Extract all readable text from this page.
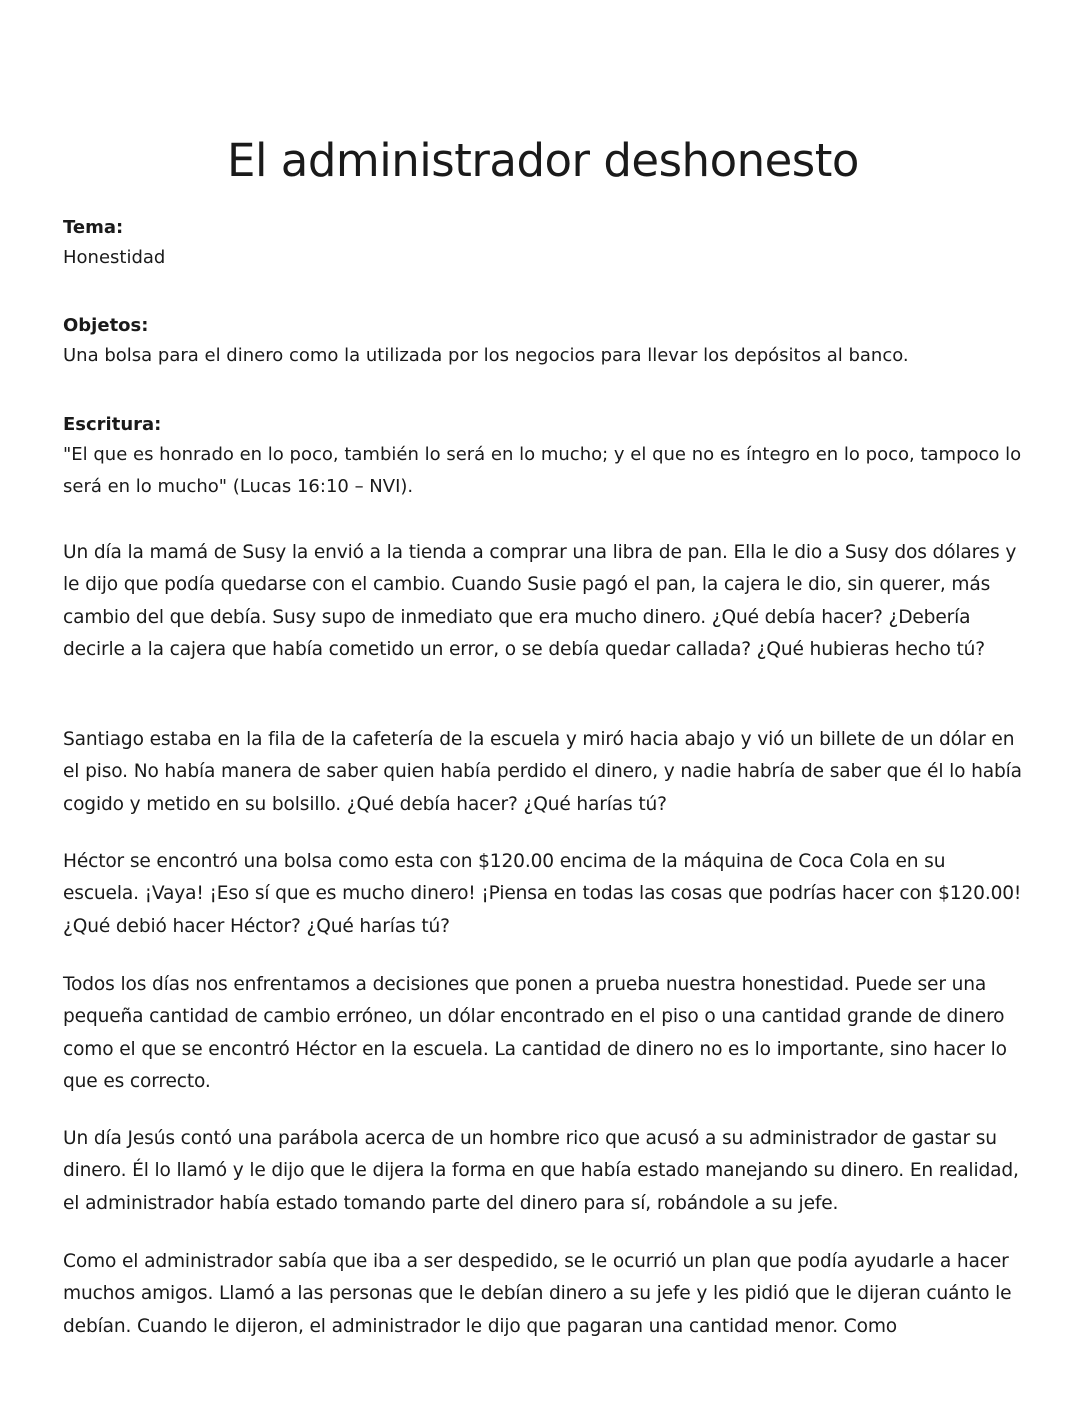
El administrador deshonesto

Tema:

Honestidad

Objetos:

Una bolsa para el dinero como la utilizada por los negocios para llevar los depósitos al banco.

Escritura:

"El que es honrado en lo poco, también lo será en lo mucho; y el que no es íntegro en lo poco, tampoco lo será en lo mucho" (Lucas 16:10 – NVI).

Un día la mamá de Susy la envió a la tienda a comprar una libra de pan. Ella le dio a Susy dos dólares y le dijo que podía quedarse con el cambio. Cuando Susie pagó el pan, la cajera le dio, sin querer, más cambio del que debía. Susy supo de inmediato que era mucho dinero. ¿Qué debía hacer? ¿Debería decirle a la cajera que había cometido un error, o se debía quedar callada? ¿Qué hubieras hecho tú?

Santiago estaba en la fila de la cafetería de la escuela y miró hacia abajo y vió un billete de un dólar en el piso. No había manera de saber quien había perdido el dinero, y nadie habría de saber que él lo había cogido y metido en su bolsillo. ¿Qué debía hacer? ¿Qué harías tú?

Héctor se encontró una bolsa como esta con $120.00 encima de la máquina de Coca Cola en su escuela. ¡Vaya! ¡Eso sí que es mucho dinero! ¡Piensa en todas las cosas que podrías hacer con $120.00! ¿Qué debió hacer Héctor? ¿Qué harías tú?

Todos los días nos enfrentamos a decisiones que ponen a prueba nuestra honestidad. Puede ser una pequeña cantidad de cambio erróneo, un dólar encontrado en el piso o una cantidad grande de dinero como el que se encontró Héctor en la escuela. La cantidad de dinero no es lo importante, sino hacer lo que es correcto.

Un día Jesús contó una parábola acerca de un hombre rico que acusó a su administrador de gastar su dinero. Él lo llamó y le dijo que le dijera la forma en que había estado manejando su dinero. En realidad, el administrador había estado tomando parte del dinero para sí, robándole a su jefe.

Como el administrador sabía que iba a ser despedido, se le ocurrió un plan que podía ayudarle a hacer muchos amigos. Llamó a las personas que le debían dinero a su jefe y les pidió que le dijeran cuánto le debían. Cuando le dijeron, el administrador le dijo que pagaran una cantidad menor. Como
